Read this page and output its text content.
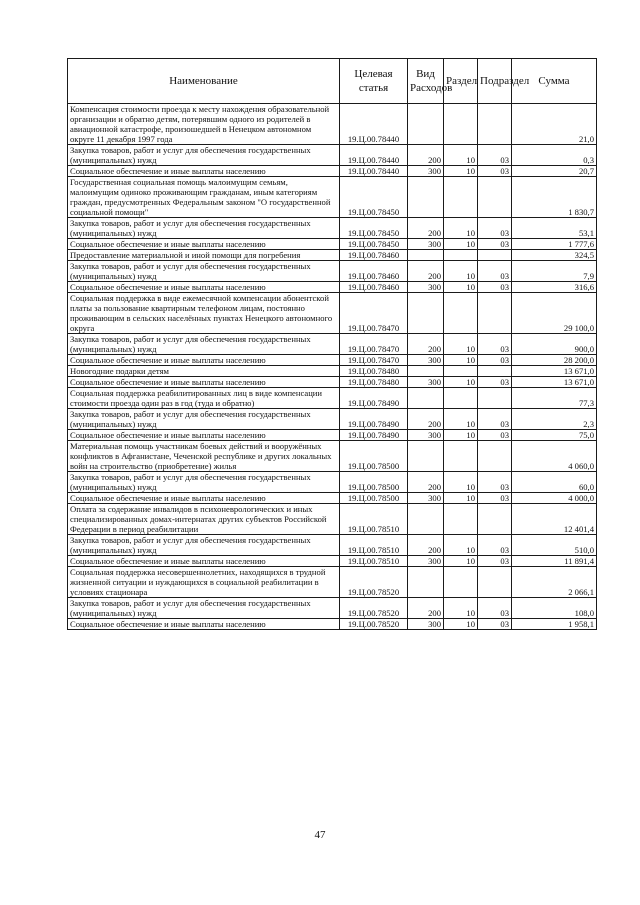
Наименование	Целевая статья	Вид Расходов	Раздел	Подраздел	Сумма
Компенсация стоимости проезда к месту нахождения образовательной организации и обратно детям, потерявшим одного из родителей в авиационной катастрофе, произошедшей в Ненецком автономном округе 11 декабря 1997 года	19.Ц.00.78440				21,0
Закупка товаров, работ и услуг для обеспечения государственных (муниципальных) нужд	19.Ц.00.78440	200	10	03	0,3
Социальное обеспечение и иные выплаты населению	19.Ц.00.78440	300	10	03	20,7
Государственная социальная помощь малоимущим семьям, малоимущим одиноко проживающим гражданам, иным категориям граждан, предусмотренных Федеральным законом "О государственной социальной помощи"	19.Ц.00.78450				1 830,7
Закупка товаров, работ и услуг для обеспечения государственных (муниципальных) нужд	19.Ц.00.78450	200	10	03	53,1
Социальное обеспечение и иные выплаты населению	19.Ц.00.78450	300	10	03	1 777,6
Предоставление материальной и иной помощи для погребения	19.Ц.00.78460				324,5
Закупка товаров, работ и услуг для обеспечения государственных (муниципальных) нужд	19.Ц.00.78460	200	10	03	7,9
Социальное обеспечение и иные выплаты населению	19.Ц.00.78460	300	10	03	316,6
Социальная поддержка в виде ежемесячной компенсации абонентской платы за пользование квартирным телефоном лицам, постоянно проживающим в сельских населённых пунктах Ненецкого автономного округа	19.Ц.00.78470				29 100,0
Закупка товаров, работ и услуг для обеспечения государственных (муниципальных) нужд	19.Ц.00.78470	200	10	03	900,0
Социальное обеспечение и иные выплаты населению	19.Ц.00.78470	300	10	03	28 200,0
Новогодние подарки детям	19.Ц.00.78480				13 671,0
Социальное обеспечение и иные выплаты населению	19.Ц.00.78480	300	10	03	13 671,0
Социальная поддержка реабилитированных лиц в виде компенсации стоимости проезда один раз в год (туда и обратно)	19.Ц.00.78490				77,3
Закупка товаров, работ и услуг для обеспечения государственных (муниципальных) нужд	19.Ц.00.78490	200	10	03	2,3
Социальное обеспечение и иные выплаты населению	19.Ц.00.78490	300	10	03	75,0
Материальная помощь участникам боевых действий и вооружённых конфликтов в Афганистане, Чеченской республике и других локальных войн на строительство (приобретение) жилья	19.Ц.00.78500				4 060,0
Закупка товаров, работ и услуг для обеспечения государственных (муниципальных) нужд	19.Ц.00.78500	200	10	03	60,0
Социальное обеспечение и иные выплаты населению	19.Ц.00.78500	300	10	03	4 000,0
Оплата за содержание инвалидов в психоневрологических и иных специализированных домах-интернатах других субъектов Российской Федерации в период реабилитации	19.Ц.00.78510				12 401,4
Закупка товаров, работ и услуг для обеспечения государственных (муниципальных) нужд	19.Ц.00.78510	200	10	03	510,0
Социальное обеспечение и иные выплаты населению	19.Ц.00.78510	300	10	03	11 891,4
Социальная поддержка несовершеннолетних, находящихся в трудной жизненной ситуации и нуждающихся в социальной реабилитации в условиях стационара	19.Ц.00.78520				2 066,1
Закупка товаров, работ и услуг для обеспечения государственных (муниципальных) нужд	19.Ц.00.78520	200	10	03	108,0
Социальное обеспечение и иные выплаты населению	19.Ц.00.78520	300	10	03	1 958,1
47
